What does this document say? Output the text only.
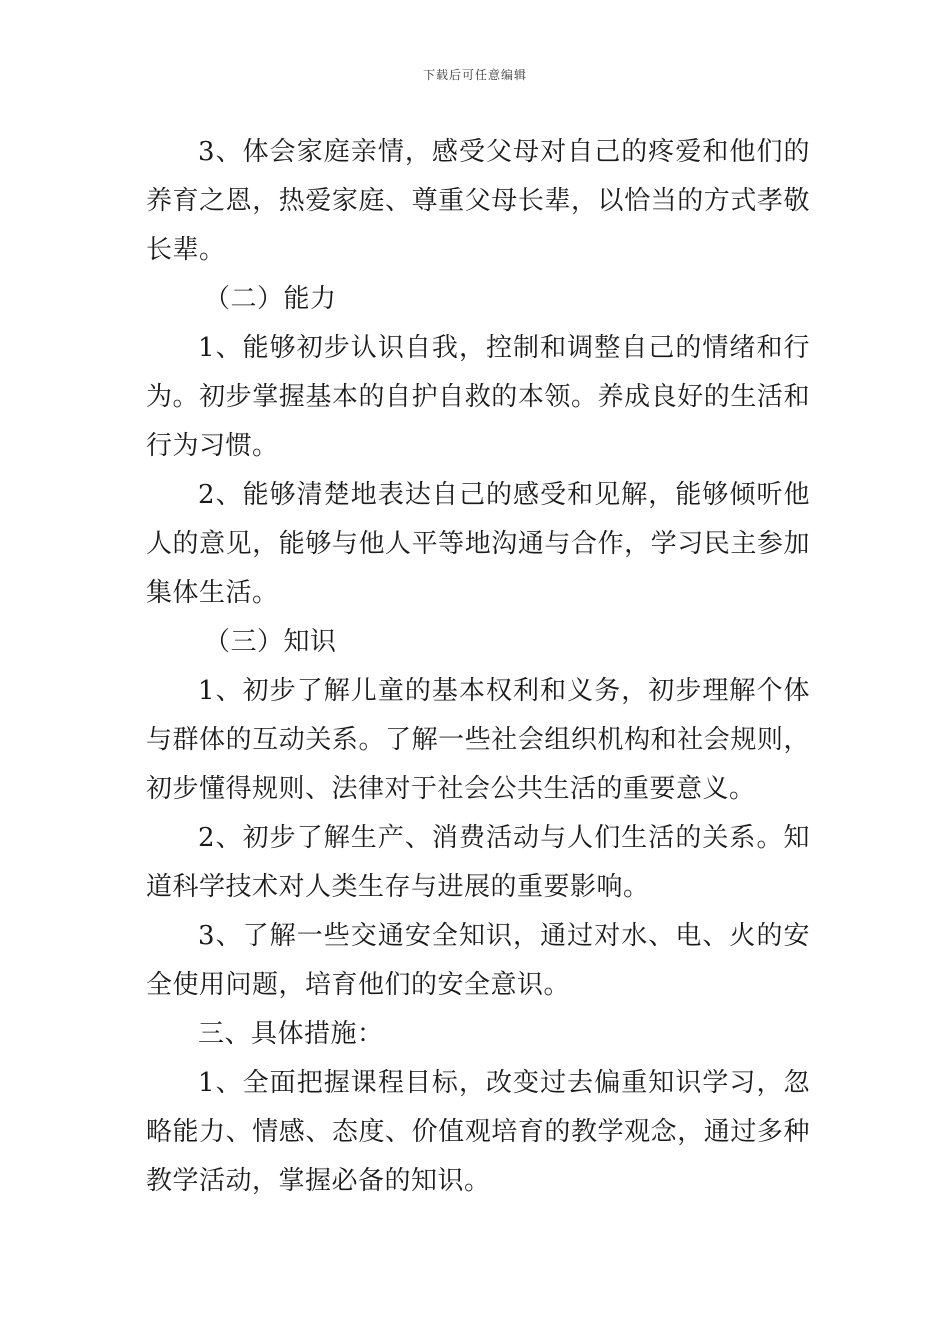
下载后可任意编辑

3、体会家庭亲情，感受父母对自己的疼爱和他们的养育之恩，热爱家庭、尊重父母长辈，以恰当的方式孝敬长辈。

（二）能力

1、能够初步认识自我，控制和调整自己的情绪和行为。初步掌握基本的自护自救的本领。养成良好的生活和行为习惯。

2、能够清楚地表达自己的感受和见解，能够倾听他人的意见，能够与他人平等地沟通与合作，学习民主参加集体生活。

（三）知识

1、初步了解儿童的基本权利和义务，初步理解个体与群体的互动关系。了解一些社会组织机构和社会规则，初步懂得规则、法律对于社会公共生活的重要意义。

2、初步了解生产、消费活动与人们生活的关系。知道科学技术对人类生存与进展的重要影响。

3、了解一些交通安全知识，通过对水、电、火的安全使用问题，培育他们的安全意识。

三、具体措施：

1、全面把握课程目标，改变过去偏重知识学习，忽略能力、情感、态度、价值观培育的教学观念，通过多种教学活动，掌握必备的知识。
